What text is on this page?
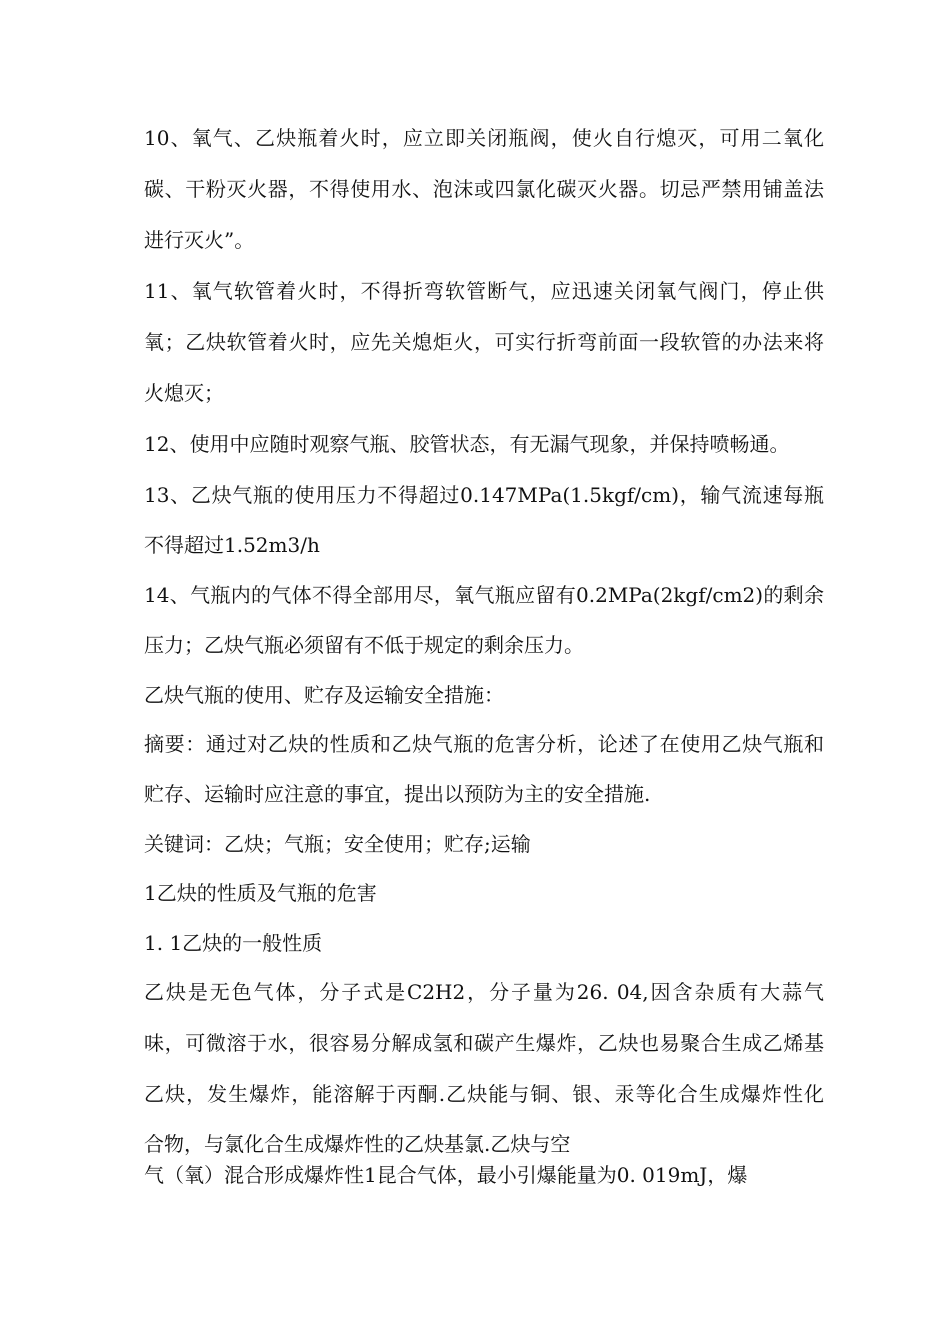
10、氧气、乙炔瓶着火时，应立即关闭瓶阀，使火自行熄灭，可用二氧化
碳、干粉灭火器，不得使用水、泡沫或四氯化碳灭火器。切忌严禁用铺盖法
进行灭火”。
11、氧气软管着火时，不得折弯软管断气，应迅速关闭氧气阀门，停止供
氧；乙炔软管着火时，应先关熄炬火，可实行折弯前面一段软管的办法来将
火熄灭；
12、使用中应随时观察气瓶、胶管状态，有无漏气现象，并保持喷畅通。
13、乙炔气瓶的使用压力不得超过0.147MPa(1.5kgf/cm)，输气流速每瓶
不得超过1.52m3/h
14、气瓶内的气体不得全部用尽，氧气瓶应留有0.2MPa(2kgf/cm2)的剩余
压力；乙炔气瓶必须留有不低于规定的剩余压力。
乙炔气瓶的使用、贮存及运输安全措施：
摘要：通过对乙炔的性质和乙炔气瓶的危害分析，论述了在使用乙炔气瓶和
贮存、运输时应注意的事宜，提出以预防为主的安全措施.
关键词：乙炔；气瓶；安全使用；贮存;运输
1乙炔的性质及气瓶的危害
1. 1乙炔的一般性质
乙炔是无色气体，分子式是C2H2，分子量为26. 04,因含杂质有大蒜气
味，可微溶于水，很容易分解成氢和碳产生爆炸，乙炔也易聚合生成乙烯基
乙炔，发生爆炸，能溶解于丙酮.乙炔能与铜、银、汞等化合生成爆炸性化
合物，与氯化合生成爆炸性的乙炔基氯.乙炔与空
气（氧）混合形成爆炸性1昆合气体，最小引爆能量为0. 019mJ，爆
